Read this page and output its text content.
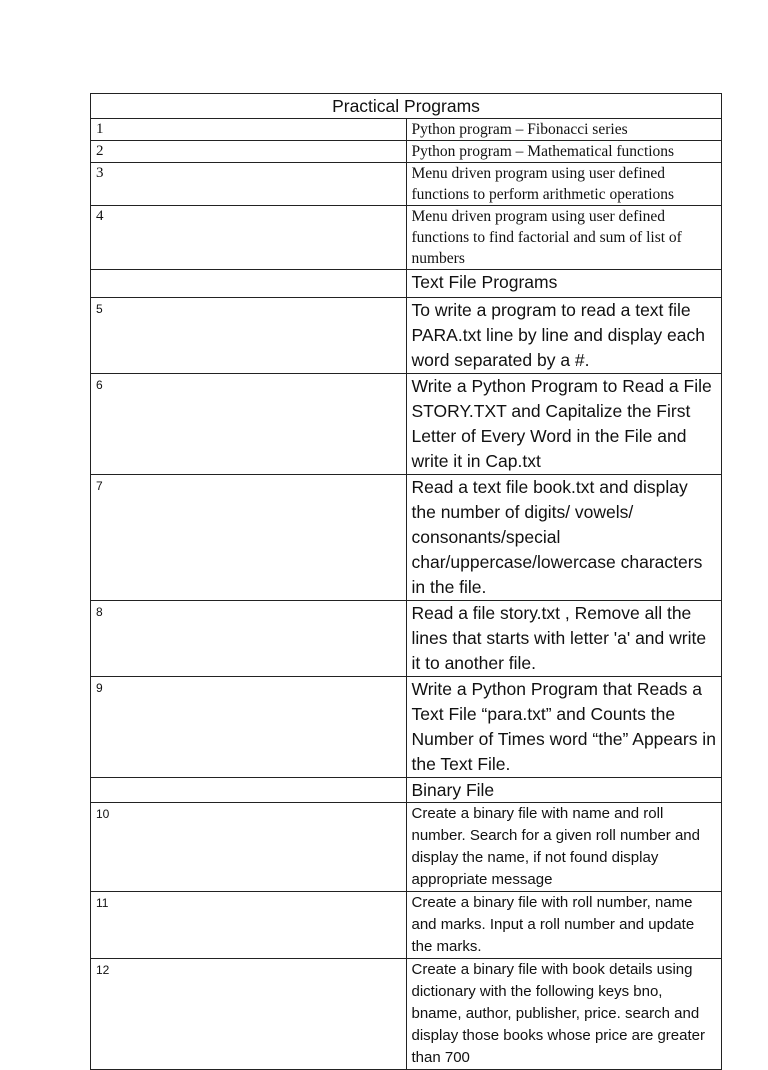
Practical Programs	
1	Python program – Fibonacci series
2	Python program – Mathematical functions
3	Menu driven program using user defined functions to perform arithmetic operations
4	Menu driven program using user defined functions to find factorial and sum of list of numbers
	Text File Programs
5	To write a program to read a text file PARA.txt line by line and display each word separated by a #.
6	Write a Python Program to Read a File STORY.TXT and Capitalize the First Letter of Every Word in the File and write it in Cap.txt
7	Read a text file book.txt and display the number of digits/ vowels/ consonants/special char/uppercase/lowercase characters in the file.
8	Read a file story.txt , Remove all the lines that starts with letter 'a' and write it to another file.
9	Write a Python Program that Reads a Text File “para.txt” and Counts the Number of Times word “the” Appears in the Text File.
	Binary File
10	Create a binary file with name and roll number. Search for a given roll number and display the name, if not found display appropriate message
11	Create a binary file with roll number, name and marks. Input a roll number and update the marks.
12	Create a binary file with book details using dictionary with the following keys bno, bname, author, publisher, price. search and display those books whose price are greater than 700
